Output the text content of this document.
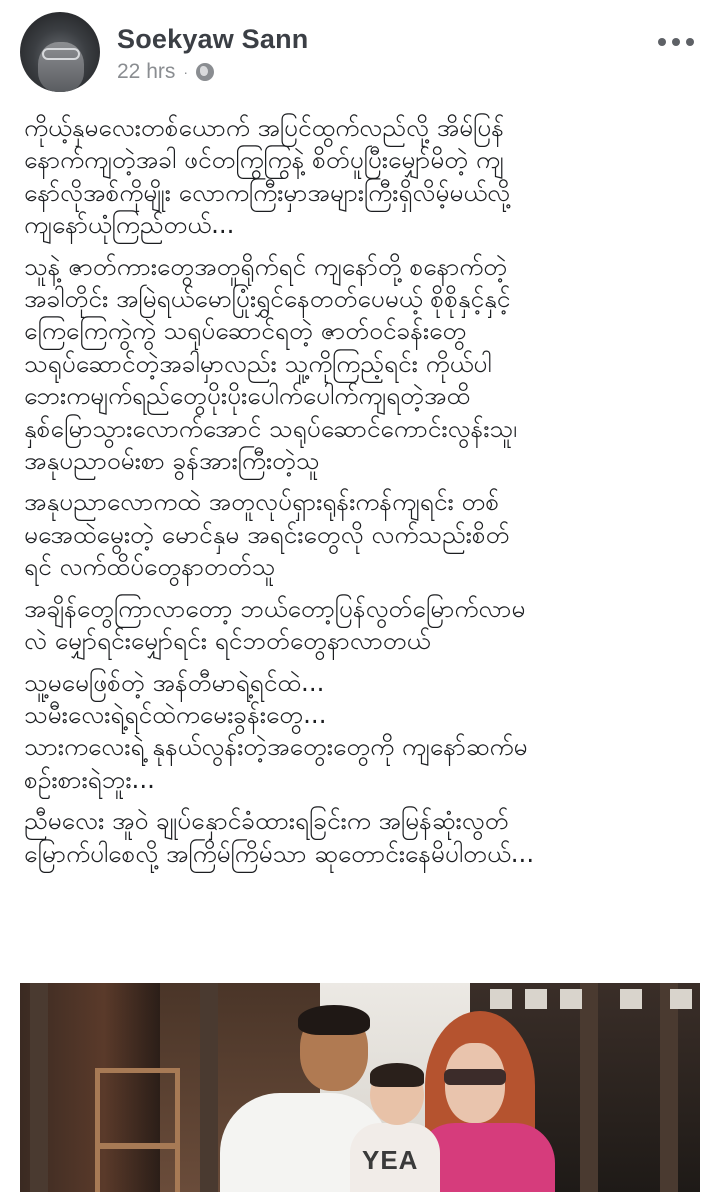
Soekyaw Sann
22 hrs ·
ကိုယ့်နှမလေးတစ်ယောက် အပြင်ထွက်လည်လို့ အိမ်ပြန်
နောက်ကျတဲ့အခါ ဖင်တကြွကြွနဲ့ စိတ်ပူပြီးမျှော်မိတဲ့ ကျ
နော်လိုအစ်ကိုမျိုး လောကကြီးမှာအများကြီးရှိလိမ့်မယ်လို့
ကျနော်ယုံကြည်တယ်...
သူနဲ့ ဇာတ်ကားတွေအတူရိုက်ရင် ကျနော်တို့ စနောက်တဲ့
အခါတိုင်း အမြဲရယ်မောပြုံးရွှင်နေတတ်ပေမယ့် စိုစိုနှင့်နှင့်
ကြေကြေကွဲကွဲ သရုပ်ဆောင်ရတဲ့ ဇာတ်ဝင်ခန်းတွေ
သရုပ်ဆောင်တဲ့အခါမှာလည်း သူ့ကိုကြည့်ရင်း ကိုယ်ပါ
ဘေးကမျက်ရည်တွေပိုးပိုးပေါက်ပေါက်ကျရတဲ့အထိ
နှစ်မြောသွားလောက်အောင် သရုပ်ဆောင်ကောင်းလွန်းသူ၊
အနုပညာဝမ်းစာ ခွန်အားကြီးတဲ့သူ
အနုပညာလောကထဲ အတူလုပ်ရှားရုန်းကန်ကျရင်း တစ်
မအေထဲမွေးတဲ့ မောင်နှမ အရင်းတွေလို လက်သည်းစိတ်
ရင် လက်ထိပ်တွေနာတတ်သူ
အချိန်တွေကြာလာတော့ ဘယ်တော့ပြန်လွတ်မြောက်လာမ
လဲ မျှော်ရင်းမျှော်ရင်း ရင်ဘတ်တွေနာလာတယ်
သူ့မမေဖြစ်တဲ့ အန်တီမာရဲ့ရင်ထဲ...
သမီးလေးရဲ့ရင်ထဲကမေးခွန်းတွေ...
သားကလေးရဲ့ နုနယ်လွန်းတဲ့အတွေးတွေကို ကျနော်ဆက်မ
စဥ်းစားရဲဘူး...
ညီမလေး အူဝဲ ချုပ်နှောင်ခံထားရခြင်းက အမြန်ဆုံးလွတ်
မြောက်ပါစေလို့ အကြိမ်ကြိမ်သာ ဆုတောင်းနေမိပါတယ်...
YEA
